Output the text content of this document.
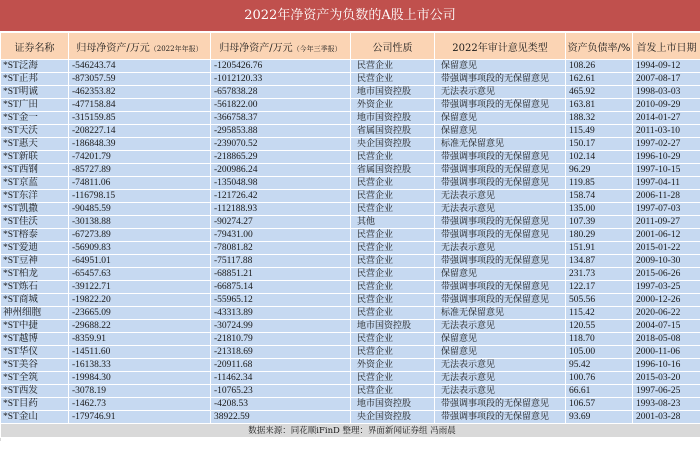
2022年净资产为负数的A股上市公司
证券名称	归母净资产/万元（2022年年报）	归母净资产/万元（今年三季报）	公司性质	2022年审计意见类型	资产负债率/%	首发上市日期
*ST泛海	-546243.74	-1205426.76	民营企业	保留意见	108.26	1994-09-12
*ST正邦	-873057.59	-1012120.33	民营企业	带强调事项段的无保留意见	162.61	2007-08-17
*ST明诚	-462353.82	-657838.28	地市国资控股	无法表示意见	465.92	1998-03-03
*ST广田	-477158.84	-561822.00	外资企业	带强调事项段的无保留意见	163.81	2010-09-29
*ST金一	-315159.85	-366758.37	地市国资控股	保留意见	188.32	2014-01-27
*ST天沃	-208227.14	-295853.88	省属国资控股	保留意见	115.49	2011-03-10
*ST惠天	-186848.39	-239070.52	央企国资控股	标准无保留意见	150.17	1997-02-27
*ST新联	-74201.79	-218865.29	民营企业	带强调事项段的无保留意见	102.14	1996-10-29
*ST西钢	-85727.89	-200986.24	省属国资控股	带强调事项段的无保留意见	96.29	1997-10-15
*ST京蓝	-74811.06	-135048.98	民营企业	带强调事项段的无保留意见	119.85	1997-04-11
*ST东洋	-116798.15	-121726.42	民营企业	无法表示意见	158.74	2006-11-28
*ST凯撒	-90485.59	-112188.93	民营企业	无法表示意见	135.00	1997-07-03
*ST佳沃	-30138.88	-90274.27	其他	带强调事项段的无保留意见	107.39	2011-09-27
*ST榕泰	-67273.89	-79431.00	民营企业	带强调事项段的无保留意见	180.29	2001-06-12
*ST爱迪	-56909.83	-78081.82	民营企业	无法表示意见	151.91	2015-01-22
*ST豆神	-64951.01	-75117.88	民营企业	带强调事项段的无保留意见	134.87	2009-10-30
*ST柏龙	-65457.63	-68851.21	民营企业	保留意见	231.73	2015-06-26
*ST炼石	-39122.71	-66875.14	民营企业	带强调事项段的无保留意见	122.17	1997-03-25
*ST商城	-19822.20	-55965.12	民营企业	带强调事项段的无保留意见	505.56	2000-12-26
神州细胞	-23665.09	-43313.89	民营企业	标准无保留意见	115.42	2020-06-22
*ST中捷	-29688.22	-30724.99	地市国资控股	无法表示意见	120.55	2004-07-15
*ST越博	-8359.91	-21810.79	民营企业	保留意见	118.70	2018-05-08
*ST华仪	-14511.60	-21318.69	民营企业	保留意见	105.00	2000-11-06
*ST美谷	-16138.33	-20911.68	外资企业	无法表示意见	95.42	1996-10-16
*ST全筑	-19984.30	-11462.34	民营企业	无法表示意见	100.76	2015-03-20
*ST西发	-3078.19	-10765.23	民营企业	无法表示意见	66.61	1997-06-25
*ST目药	-1462.73	-4208.53	地市国资控股	带强调事项段的无保留意见	106.57	1993-08-23
*ST金山	-179746.91	38922.59	央企国资控股	带强调事项段的无保留意见	93.69	2001-03-28
数据来源：同花顺iFinD 整理：界面新闻证券组 冯雨晨						
